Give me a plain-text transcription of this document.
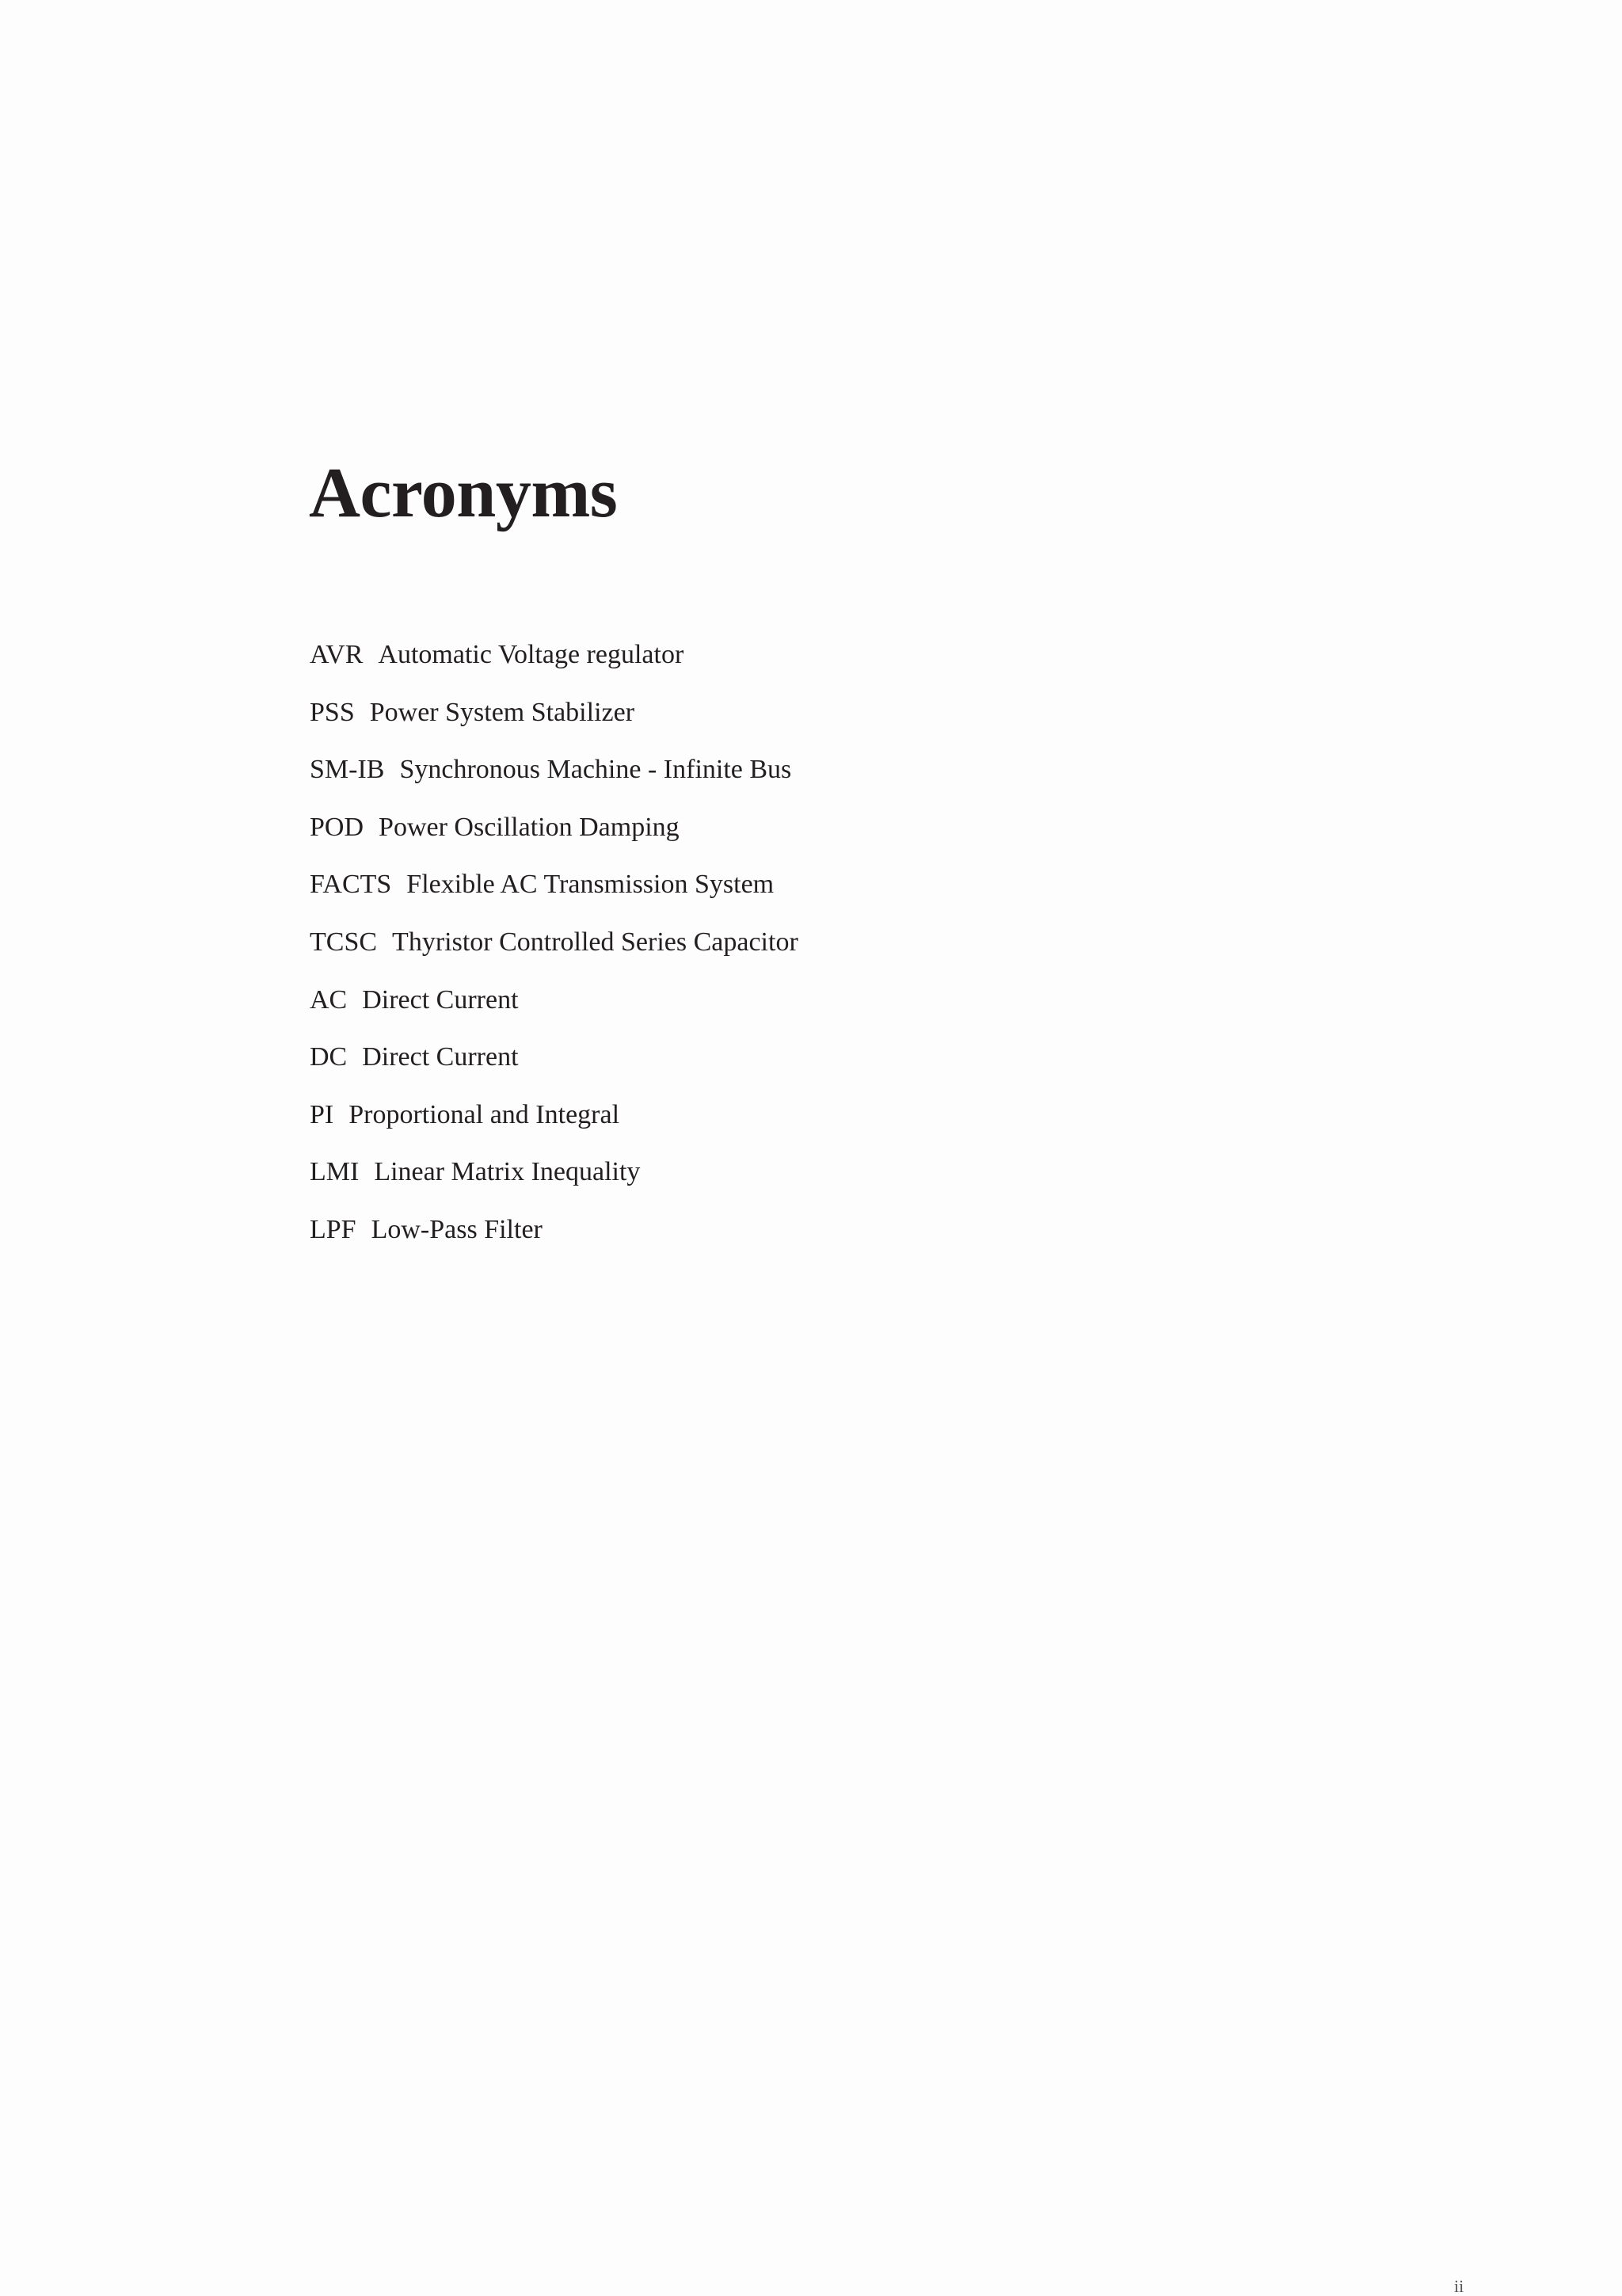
Acronyms
AVR Automatic Voltage regulator
PSS Power System Stabilizer
SM-IB Synchronous Machine - Infinite Bus
POD Power Oscillation Damping
FACTS Flexible AC Transmission System
TCSC Thyristor Controlled Series Capacitor
AC Direct Current
DC Direct Current
PI Proportional and Integral
LMI Linear Matrix Inequality
LPF Low-Pass Filter
ii
